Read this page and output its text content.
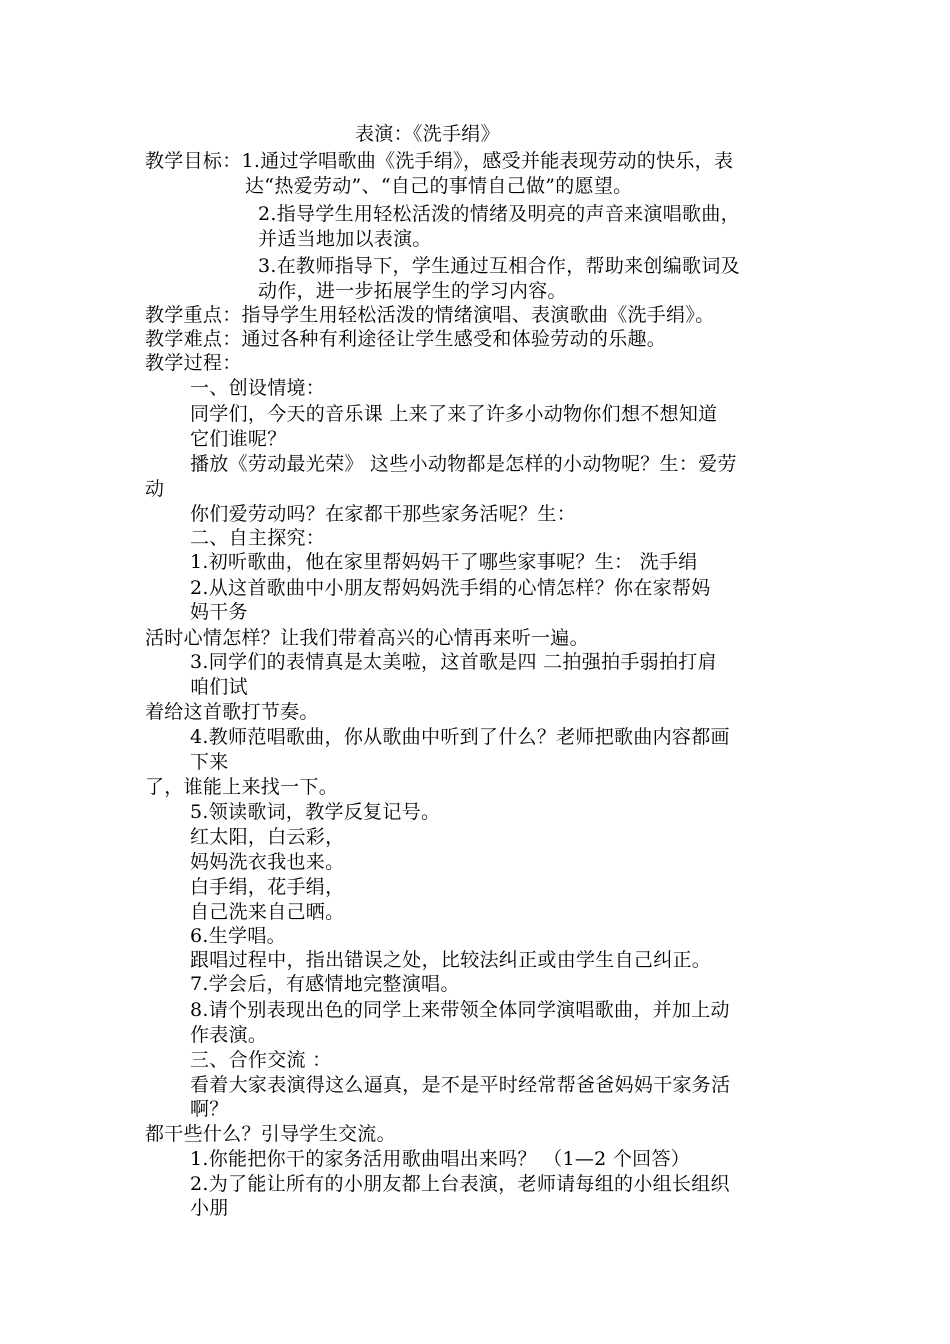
表演：《洗手绢》
教学目标：1.通过学唱歌曲《洗手绢》，感受并能表现劳动的快乐，表
达“热爱劳动”、“自己的事情自己做”的愿望。
2.指导学生用轻松活泼的情绪及明亮的声音来演唱歌曲，
并适当地加以表演。
3.在教师指导下，学生通过互相合作，帮助来创编歌词及
动作，进一步拓展学生的学习内容。
教学重点：指导学生用轻松活泼的情绪演唱、表演歌曲《洗手绢》。
教学难点：通过各种有利途径让学生感受和体验劳动的乐趣。
教学过程：
一、创设情境：
同学们，今天的音乐课 上来了来了许多小动物你们想不想知道
它们谁呢？
播放《劳动最光荣》 这些小动物都是怎样的小动物呢？生：爱劳
动
你们爱劳动吗？在家都干那些家务活呢？生：
二、自主探究：
1.初听歌曲，他在家里帮妈妈干了哪些家事呢？生： 洗手绢
2.从这首歌曲中小朋友帮妈妈洗手绢的心情怎样？你在家帮妈
妈干务
活时心情怎样？让我们带着高兴的心情再来听一遍。
3.同学们的表情真是太美啦，这首歌是四 二拍强拍手弱拍打肩
咱们试
着给这首歌打节奏。
4.教师范唱歌曲，你从歌曲中听到了什么？老师把歌曲内容都画
下来
了，谁能上来找一下。
5.领读歌词，教学反复记号。
红太阳，白云彩，
妈妈洗衣我也来。
白手绢，花手绢，
自己洗来自己晒。
6.生学唱。
跟唱过程中，指出错误之处，比较法纠正或由学生自己纠正。
7.学会后，有感情地完整演唱。
8.请个别表现出色的同学上来带领全体同学演唱歌曲，并加上动
作表演。
三、合作交流 ：
看着大家表演得这么逼真，是不是平时经常帮爸爸妈妈干家务活
啊？
都干些什么？引导学生交流。
1.你能把你干的家务活用歌曲唱出来吗？ （1—2 个回答）
2.为了能让所有的小朋友都上台表演，老师请每组的小组长组织
小朋
